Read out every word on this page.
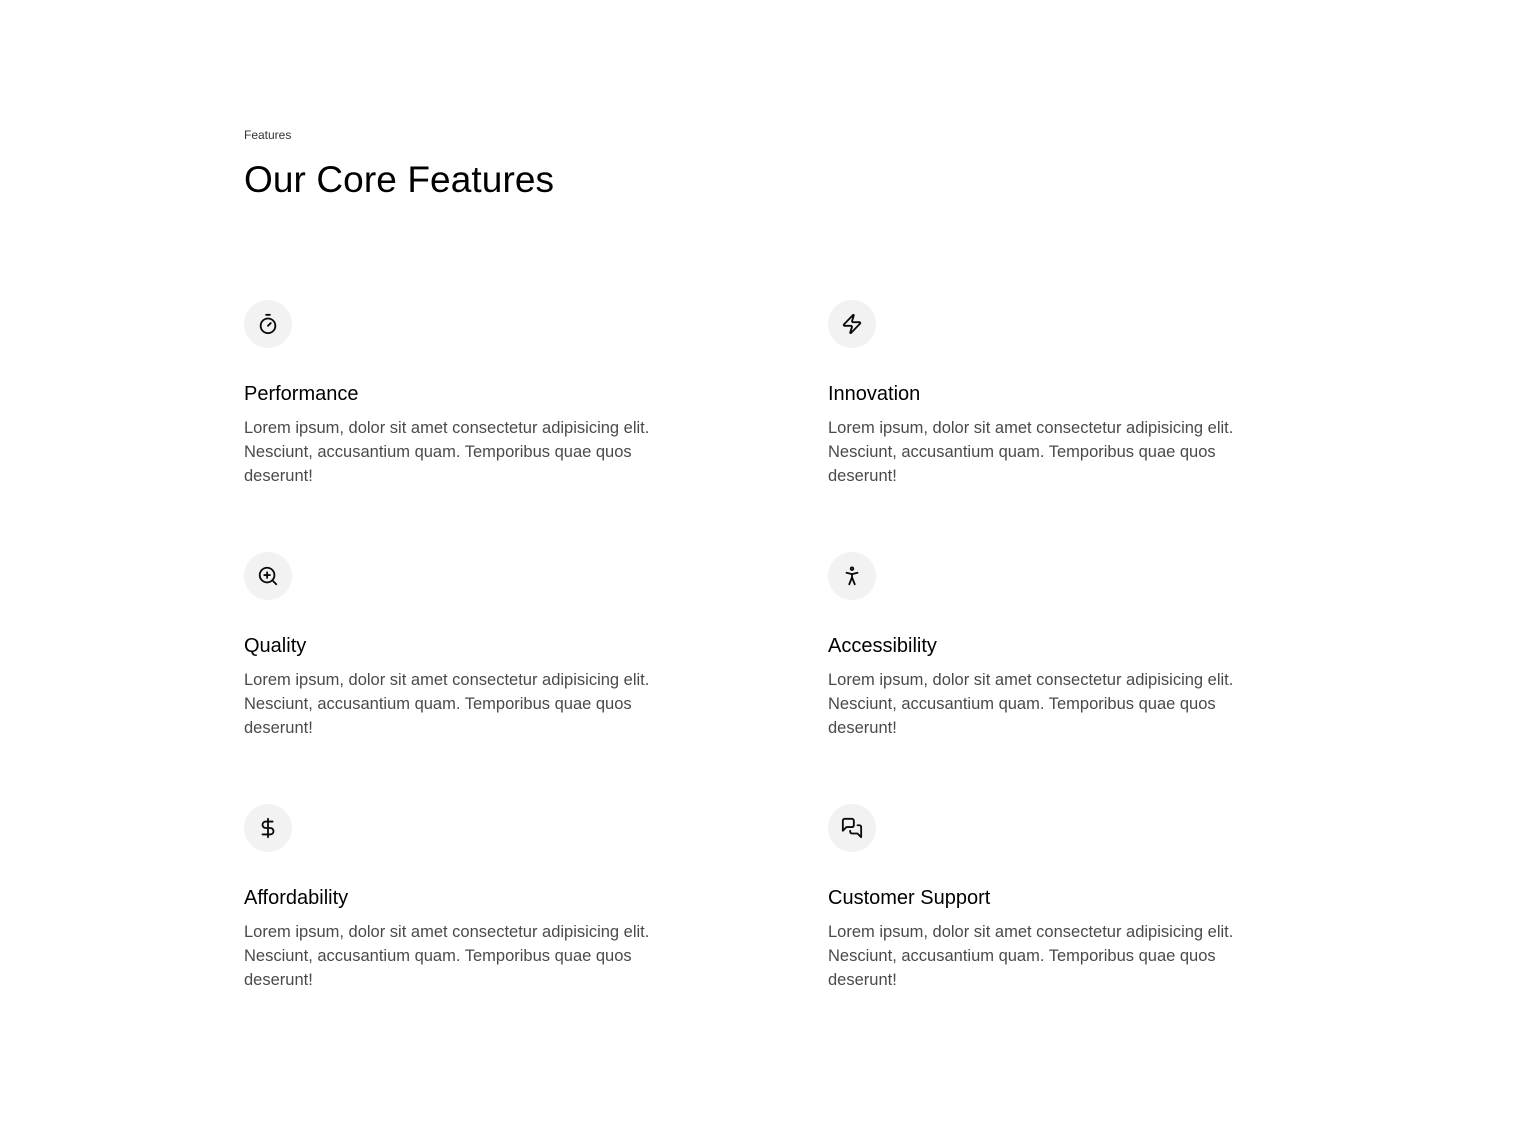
Features
Our Core Features
Performance

Lorem ipsum, dolor sit amet consectetur adipisicing elit. Nesciunt, accusantium quam. Temporibus quae quos deserunt!

Innovation

Lorem ipsum, dolor sit amet consectetur adipisicing elit. Nesciunt, accusantium quam. Temporibus quae quos deserunt!

Quality

Lorem ipsum, dolor sit amet consectetur adipisicing elit. Nesciunt, accusantium quam. Temporibus quae quos deserunt!

Accessibility

Lorem ipsum, dolor sit amet consectetur adipisicing elit. Nesciunt, accusantium quam. Temporibus quae quos deserunt!

Affordability

Lorem ipsum, dolor sit amet consectetur adipisicing elit. Nesciunt, accusantium quam. Temporibus quae quos deserunt!

Customer Support

Lorem ipsum, dolor sit amet consectetur adipisicing elit. Nesciunt, accusantium quam. Temporibus quae quos deserunt!
